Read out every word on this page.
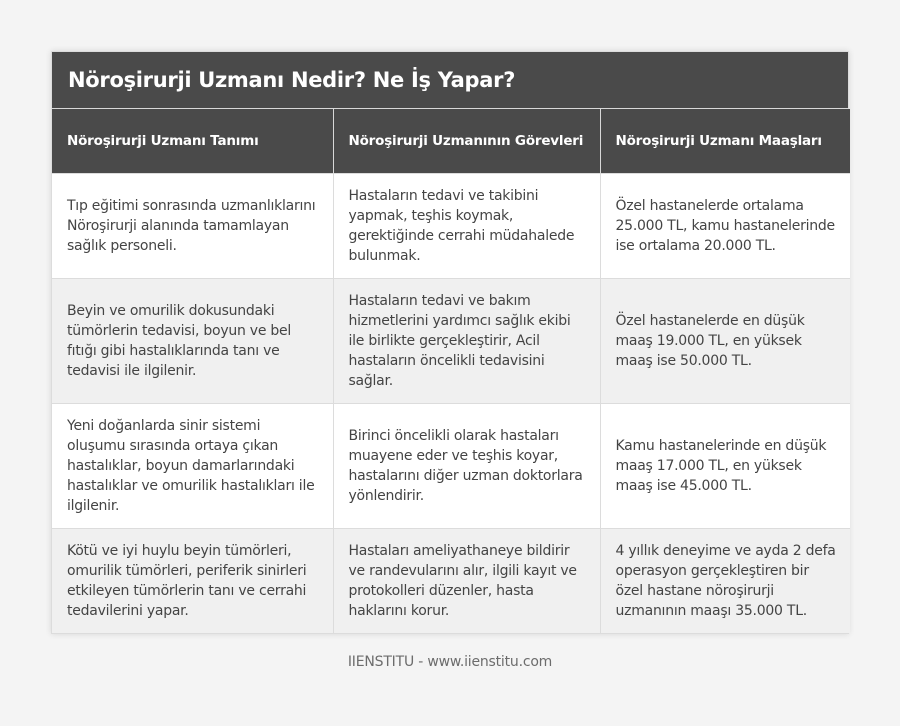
Nöroşirurji Uzmanı Nedir? Ne İş Yapar?
Nöroşirurji Uzmanı Tanımı	Nöroşirurji Uzmanının Görevleri	Nöroşirurji Uzmanı Maaşları
Tıp eğitimi sonrasında uzmanlıklarını Nöroşirurji alanında tamamlayan sağlık personeli.	Hastaların tedavi ve takibini yapmak, teşhis koymak, gerektiğinde cerrahi müdahalede bulunmak.	Özel hastanelerde ortalama 25.000 TL, kamu hastanelerinde ise ortalama 20.000 TL.
Beyin ve omurilik dokusundaki tümörlerin tedavisi, boyun ve bel fıtığı gibi hastalıklarında tanı ve tedavisi ile ilgilenir.	Hastaların tedavi ve bakım hizmetlerini yardımcı sağlık ekibi ile birlikte gerçekleştirir, Acil hastaların öncelikli tedavisini sağlar.	Özel hastanelerde en düşük maaş 19.000 TL, en yüksek maaş ise 50.000 TL.
Yeni doğanlarda sinir sistemi oluşumu sırasında ortaya çıkan hastalıklar, boyun damarlarındaki hastalıklar ve omurilik hastalıkları ile ilgilenir.	Birinci öncelikli olarak hastaları muayene eder ve teşhis koyar, hastalarını diğer uzman doktorlara yönlendirir.	Kamu hastanelerinde en düşük maaş 17.000 TL, en yüksek maaş ise 45.000 TL.
Kötü ve iyi huylu beyin tümörleri, omurilik tümörleri, periferik sinirleri etkileyen tümörlerin tanı ve cerrahi tedavilerini yapar.	Hastaları ameliyathaneye bildirir ve randevularını alır, ilgili kayıt ve protokolleri düzenler, hasta haklarını korur.	4 yıllık deneyime ve ayda 2 defa operasyon gerçekleştiren bir özel hastane nöroşirurji uzmanının maaşı 35.000 TL.
IIENSTITU - www.iienstitu.com
